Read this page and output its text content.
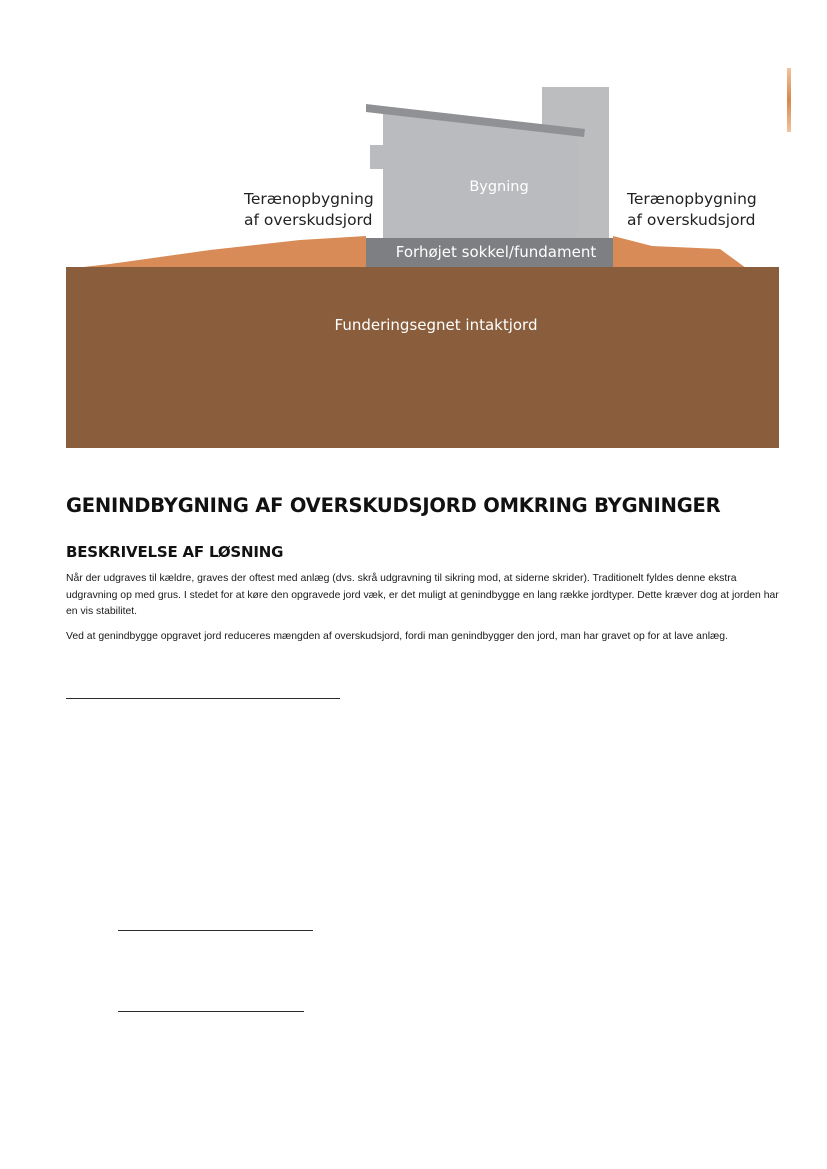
Terænopbygning
af overskudsjord
Terænopbygning
af overskudsjord
Bygning
Forhøjet sokkel/fundament
Funderingsegnet intaktjord
GENINDBYGNING AF OVERSKUDSJORD OMKRING BYGNINGER
BESKRIVELSE AF LØSNING

Når der udgraves til kældre, graves der oftest med anlæg (dvs. skrå udgravning til sikring mod, at siderne skrider). Traditionelt fyldes denne ekstra udgravning op med grus. I stedet for at køre den opgravede jord væk, er det muligt at genindbygge en lang række jordtyper. Dette kræver dog at jorden har en vis stabilitet.

Ved at genindbygge opgravet jord reduceres mængden af overskudsjord, fordi man genindbygger den jord, man har gravet op for at lave anlæg.
